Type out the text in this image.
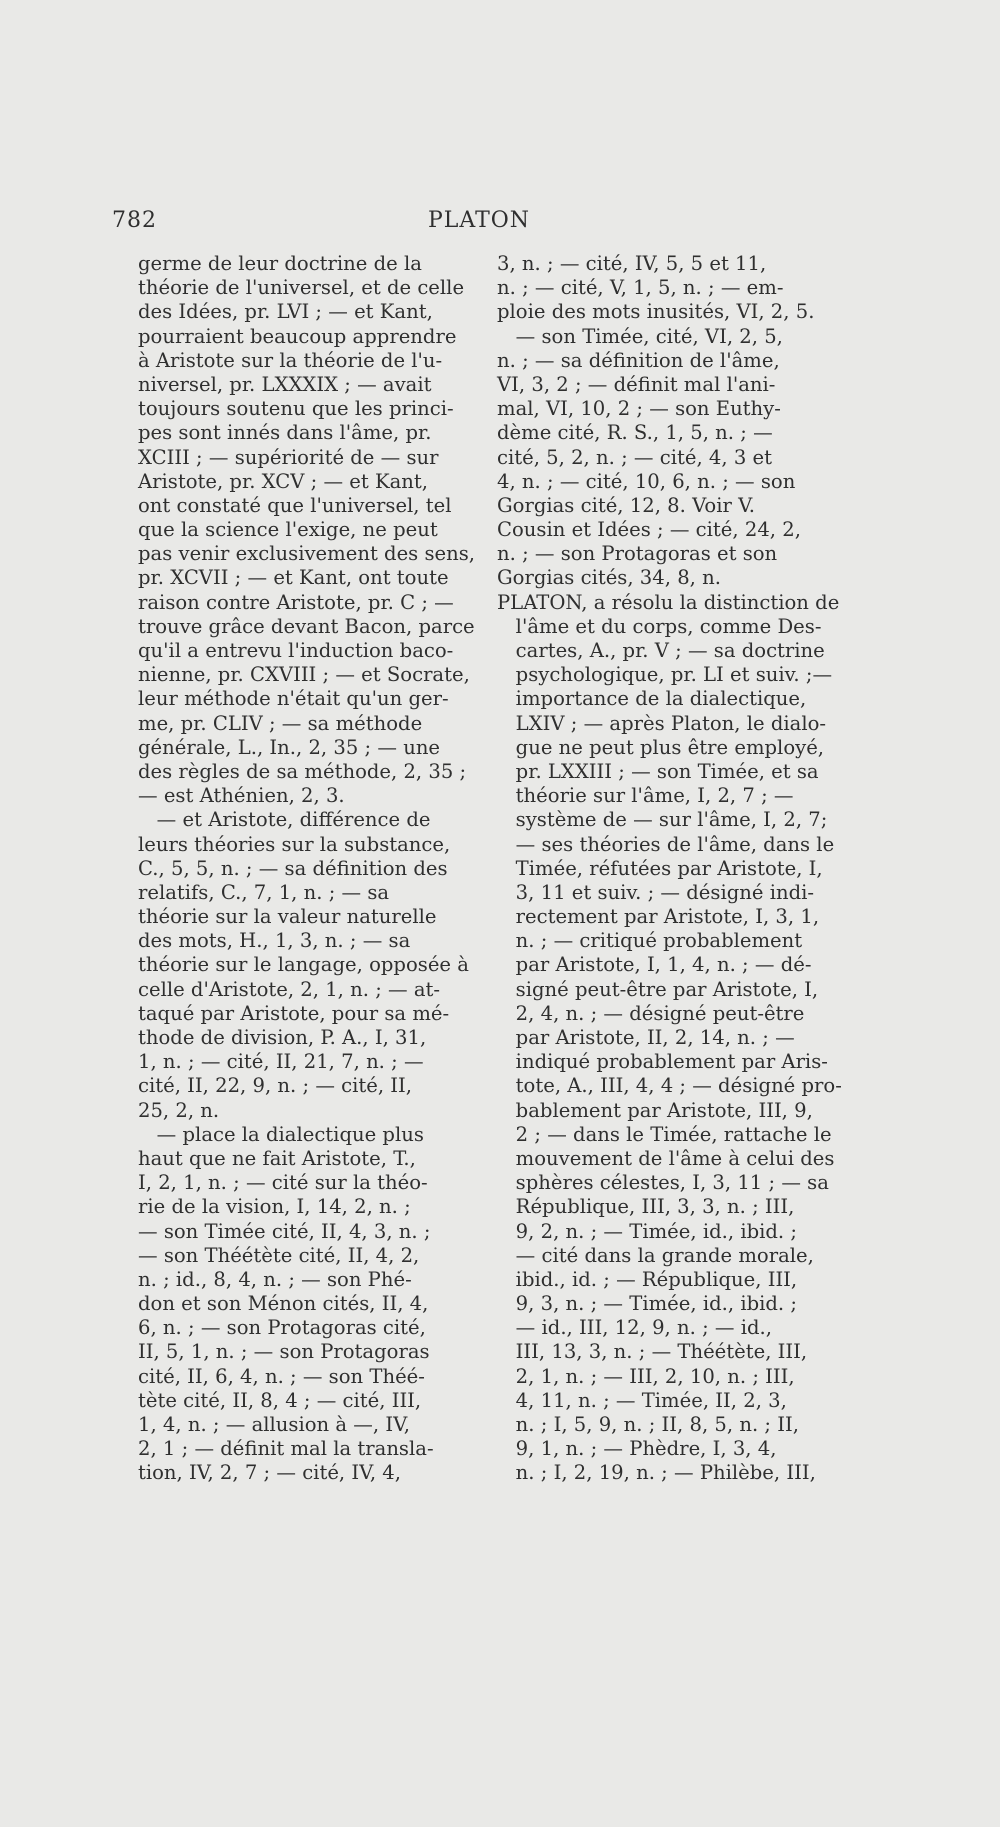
782	PLATON
germe de leur doctrine de la
théorie de l'universel, et de celle
des Idées, pr. LVI ; — et Kant,
pourraient beaucoup apprendre
à Aristote sur la théorie de l'u-
niversel, pr. LXXXIX ; — avait
toujours soutenu que les princi-
pes sont innés dans l'âme, pr.
XCIII ; — supériorité de — sur
Aristote, pr. XCV ; — et Kant,
ont constaté que l'universel, tel
que la science l'exige, ne peut
pas venir exclusivement des sens,
pr. XCVII ; — et Kant, ont toute
raison contre Aristote, pr. C ; —
trouve grâce devant Bacon, parce
qu'il a entrevu l'induction baco-
nienne, pr. CXVIII ; — et Socrate,
leur méthode n'était qu'un ger-
me, pr. CLIV ; — sa méthode
générale, L., In., 2, 35 ; — une
des règles de sa méthode, 2, 35 ;
— est Athénien, 2, 3.
— et Aristote, différence de
leurs théories sur la substance,
C., 5, 5, n. ; — sa définition des
relatifs, C., 7, 1, n. ; — sa
théorie sur la valeur naturelle
des mots, H., 1, 3, n. ; — sa
théorie sur le langage, opposée à
celle d'Aristote, 2, 1, n. ; — at-
taqué par Aristote, pour sa mé-
thode de division, P. A., I, 31,
1, n. ; — cité, II, 21, 7, n. ; —
cité, II, 22, 9, n. ; — cité, II,
25, 2, n.
— place la dialectique plus
haut que ne fait Aristote, T.,
I, 2, 1, n. ; — cité sur la théo-
rie de la vision, I, 14, 2, n. ;
— son Timée cité, II, 4, 3, n. ;
— son Théétète cité, II, 4, 2,
n. ; id., 8, 4, n. ; — son Phé-
don et son Ménon cités, II, 4,
6, n. ; — son Protagoras cité,
II, 5, 1, n. ; — son Protagoras
cité, II, 6, 4, n. ; — son Théé-
tète cité, II, 8, 4 ; — cité, III,
1, 4, n. ; — allusion à —, IV,
2, 1 ; — définit mal la transla-
tion, IV, 2, 7 ; — cité, IV, 4,
3, n. ; — cité, IV, 5, 5 et 11,
n. ; — cité, V, 1, 5, n. ; — em-
ploie des mots inusités, VI, 2, 5.
— son Timée, cité, VI, 2, 5,
n. ; — sa définition de l'âme,
VI, 3, 2 ; — définit mal l'ani-
mal, VI, 10, 2 ; — son Euthy-
dème cité, R. S., 1, 5, n. ; —
cité, 5, 2, n. ; — cité, 4, 3 et
4, n. ; — cité, 10, 6, n. ; — son
Gorgias cité, 12, 8. Voir V.
Cousin et Idées ; — cité, 24, 2,
n. ; — son Protagoras et son
Gorgias cités, 34, 8, n.
PLATON, a résolu la distinction de
l'âme et du corps, comme Des-
cartes, A., pr. V ; — sa doctrine
psychologique, pr. LI et suiv. ;—
importance de la dialectique,
LXIV ; — après Platon, le dialo-
gue ne peut plus être employé,
pr. LXXIII ; — son Timée, et sa
théorie sur l'âme, I, 2, 7 ; —
système de — sur l'âme, I, 2, 7;
— ses théories de l'âme, dans le
Timée, réfutées par Aristote, I,
3, 11 et suiv. ; — désigné indi-
rectement par Aristote, I, 3, 1,
n. ; — critiqué probablement
par Aristote, I, 1, 4, n. ; — dé-
signé peut-être par Aristote, I,
2, 4, n. ; — désigné peut-être
par Aristote, II, 2, 14, n. ; —
indiqué probablement par Aris-
tote, A., III, 4, 4 ; — désigné pro-
bablement par Aristote, III, 9,
2 ; — dans le Timée, rattache le
mouvement de l'âme à celui des
sphères célestes, I, 3, 11 ; — sa
République, III, 3, 3, n. ; III,
9, 2, n. ; — Timée, id., ibid. ;
— cité dans la grande morale,
ibid., id. ; — République, III,
9, 3, n. ; — Timée, id., ibid. ;
— id., III, 12, 9, n. ; — id.,
III, 13, 3, n. ; — Théétète, III,
2, 1, n. ; — III, 2, 10, n. ; III,
4, 11, n. ; — Timée, II, 2, 3,
n. ; I, 5, 9, n. ; II, 8, 5, n. ; II,
9, 1, n. ; — Phèdre, I, 3, 4,
n. ; I, 2, 19, n. ; — Philèbe, III,
